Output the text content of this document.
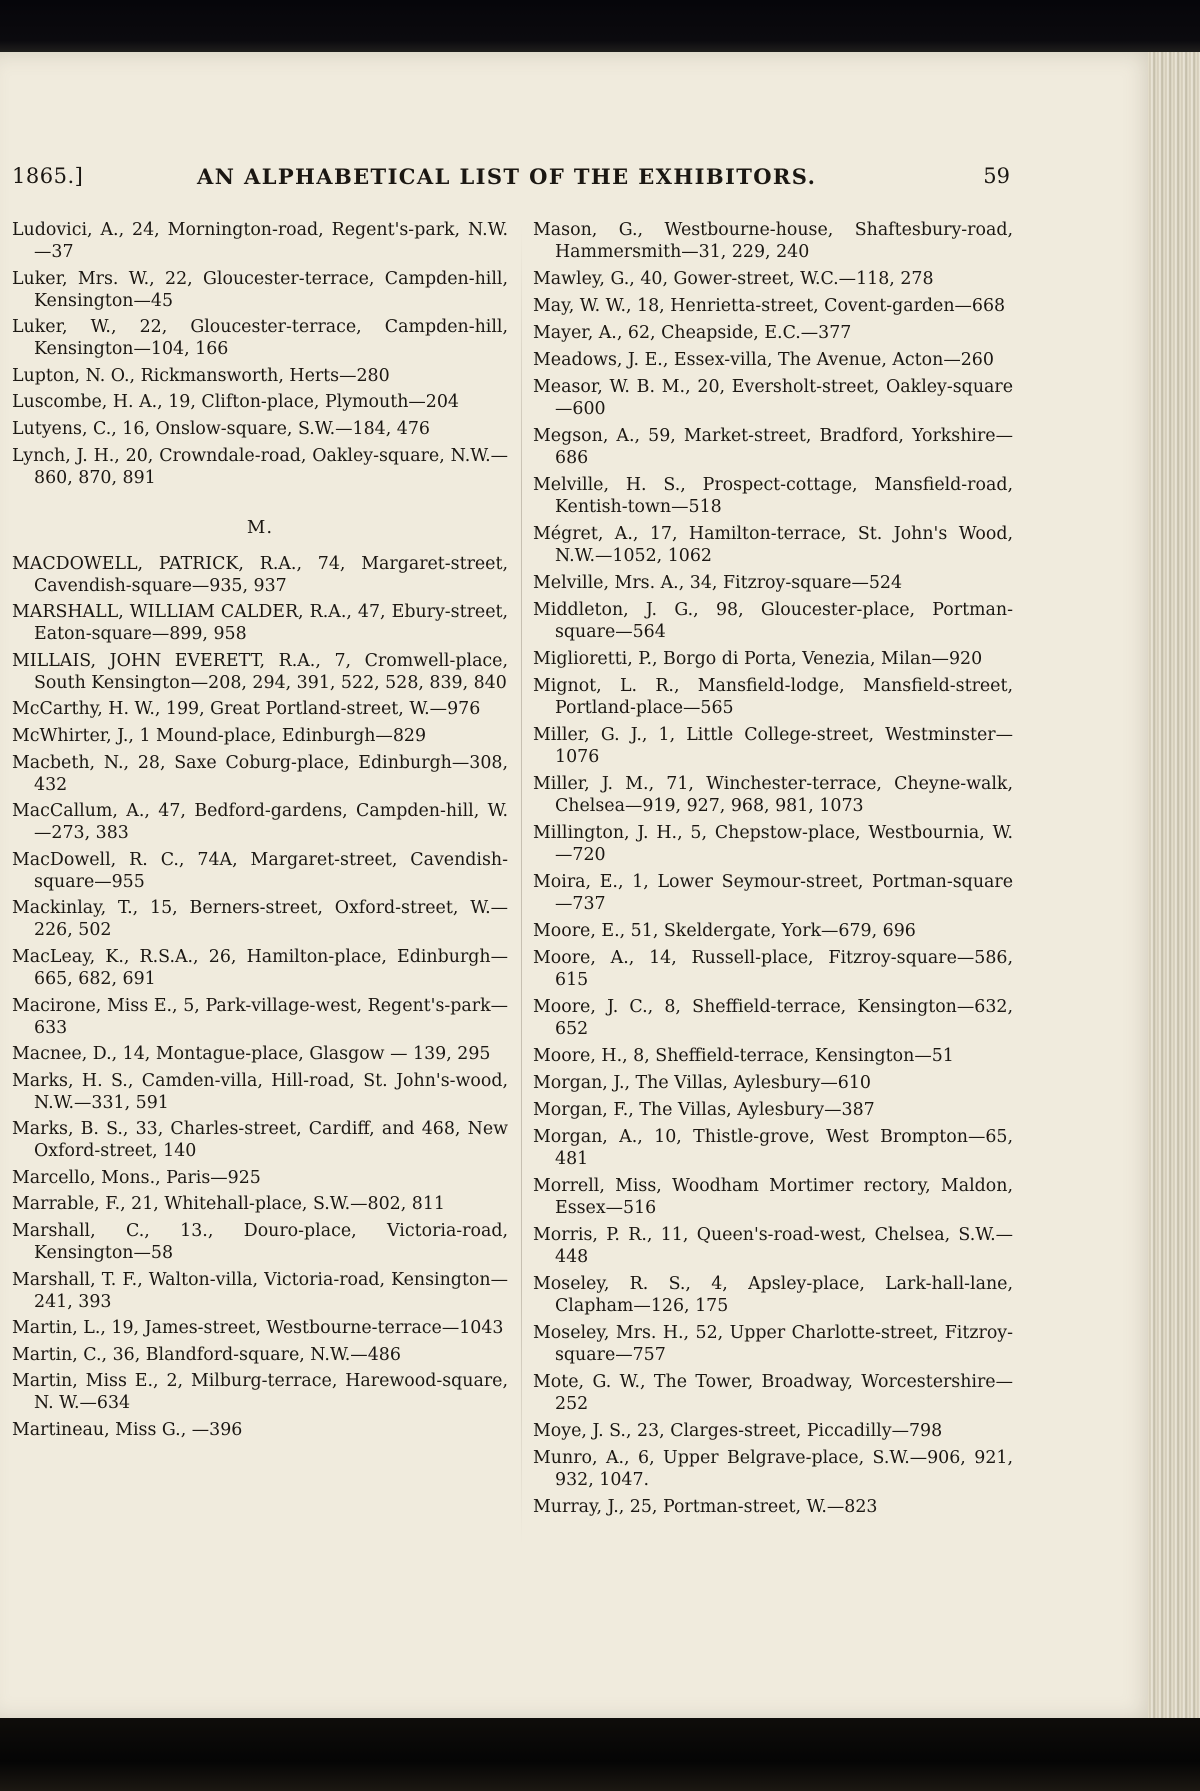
1865.]	AN ALPHABETICAL LIST OF THE EXHIBITORS.	59
Ludovici, A., 24, Mornington-road, Regent's-park, N.W.—37
Luker, Mrs. W., 22, Gloucester-terrace, Campden-hill, Kensington—45
Luker, W., 22, Gloucester-terrace, Campden-hill, Kensington—104, 166
Lupton, N. O., Rickmansworth, Herts—280
Luscombe, H. A., 19, Clifton-place, Plymouth—204
Lutyens, C., 16, Onslow-square, S.W.—184, 476
Lynch, J. H., 20, Crowndale-road, Oakley-square, N.W.—860, 870, 891
M.
MACDOWELL, PATRICK, R.A., 74, Margaret-street, Cavendish-square—935, 937
MARSHALL, WILLIAM CALDER, R.A., 47, Ebury-street, Eaton-square—899, 958
MILLAIS, JOHN EVERETT, R.A., 7, Cromwell-place, South Kensington—208, 294, 391, 522, 528, 839, 840
McCarthy, H. W., 199, Great Portland-street, W.—976
McWhirter, J., 1 Mound-place, Edinburgh—829
Macbeth, N., 28, Saxe Coburg-place, Edinburgh—308, 432
MacCallum, A., 47, Bedford-gardens, Campden-hill, W.—273, 383
MacDowell, R. C., 74A, Margaret-street, Cavendish-square—955
Mackinlay, T., 15, Berners-street, Oxford-street, W.—226, 502
MacLeay, K., R.S.A., 26, Hamilton-place, Edinburgh—665, 682, 691
Macirone, Miss E., 5, Park-village-west, Regent's-park—633
Macnee, D., 14, Montague-place, Glasgow — 139, 295
Marks, H. S., Camden-villa, Hill-road, St. John's-wood, N.W.—331, 591
Marks, B. S., 33, Charles-street, Cardiff, and 468, New Oxford-street, 140
Marcello, Mons., Paris—925
Marrable, F., 21, Whitehall-place, S.W.—802, 811
Marshall, C., 13., Douro-place, Victoria-road, Kensington—58
Marshall, T. F., Walton-villa, Victoria-road, Kensington—241, 393
Martin, L., 19, James-street, Westbourne-terrace—1043
Martin, C., 36, Blandford-square, N.W.—486
Martin, Miss E., 2, Milburg-terrace, Harewood-square, N. W.—634
Martineau, Miss G., —396
Mason, G., Westbourne-house, Shaftesbury-road, Hammersmith—31, 229, 240
Mawley, G., 40, Gower-street, W.C.—118, 278
May, W. W., 18, Henrietta-street, Covent-garden—668
Mayer, A., 62, Cheapside, E.C.—377
Meadows, J. E., Essex-villa, The Avenue, Acton—260
Measor, W. B. M., 20, Eversholt-street, Oakley-square—600
Megson, A., 59, Market-street, Bradford, Yorkshire—686
Melville, H. S., Prospect-cottage, Mansfield-road, Kentish-town—518
Mégret, A., 17, Hamilton-terrace, St. John's Wood, N.W.—1052, 1062
Melville, Mrs. A., 34, Fitzroy-square—524
Middleton, J. G., 98, Gloucester-place, Portman-square—564
Miglioretti, P., Borgo di Porta, Venezia, Milan—920
Mignot, L. R., Mansfield-lodge, Mansfield-street, Portland-place—565
Miller, G. J., 1, Little College-street, Westminster—1076
Miller, J. M., 71, Winchester-terrace, Cheyne-walk, Chelsea—919, 927, 968, 981, 1073
Millington, J. H., 5, Chepstow-place, Westbournia, W.—720
Moira, E., 1, Lower Seymour-street, Portman-square—737
Moore, E., 51, Skeldergate, York—679, 696
Moore, A., 14, Russell-place, Fitzroy-square—586, 615
Moore, J. C., 8, Sheffield-terrace, Kensington—632, 652
Moore, H., 8, Sheffield-terrace, Kensington—51
Morgan, J., The Villas, Aylesbury—610
Morgan, F., The Villas, Aylesbury—387
Morgan, A., 10, Thistle-grove, West Brompton—65, 481
Morrell, Miss, Woodham Mortimer rectory, Maldon, Essex—516
Morris, P. R., 11, Queen's-road-west, Chelsea, S.W.—448
Moseley, R. S., 4, Apsley-place, Lark-hall-lane, Clapham—126, 175
Moseley, Mrs. H., 52, Upper Charlotte-street, Fitzroy-square—757
Mote, G. W., The Tower, Broadway, Worcestershire—252
Moye, J. S., 23, Clarges-street, Piccadilly—798
Munro, A., 6, Upper Belgrave-place, S.W.—906, 921, 932, 1047.
Murray, J., 25, Portman-street, W.—823
